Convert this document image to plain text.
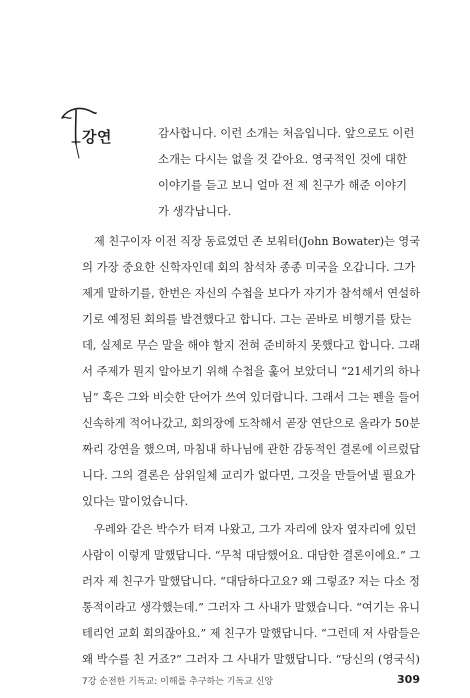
강연	감사합니다. 이런 소개는 처음입니다. 앞으로도 이런
소개는 다시는 없을 것 같아요. 영국적인 것에 대한
이야기를 듣고 보니 얼마 전 제 친구가 해준 이야기
가 생각납니다.
제 친구이자 이전 직장 동료였던 존 보워터(John Bowater)는 영국
의 가장 중요한 신학자인데 회의 참석차 종종 미국을 오갑니다. 그가
제게 말하기를, 한번은 자신의 수첩을 보다가 자기가 참석해서 연설하
기로 예정된 회의를 발견했다고 합니다. 그는 곧바로 비행기를 탔는
데, 실제로 무슨 말을 해야 할지 전혀 준비하지 못했다고 합니다. 그래
서 주제가 뭔지 알아보기 위해 수첩을 훑어 보았더니 “21세기의 하나
님” 혹은 그와 비슷한 단어가 쓰여 있더랍니다. 그래서 그는 펜을 들어
신속하게 적어나갔고, 회의장에 도착해서 곧장 연단으로 올라가 50분
짜리 강연을 했으며, 마침내 하나님에 관한 감동적인 결론에 이르렀답
니다. 그의 결론은 삼위일체 교리가 없다면, 그것을 만들어낼 필요가
있다는 말이었습니다.
우레와 같은 박수가 터져 나왔고, 그가 자리에 앉자 옆자리에 있던
사람이 이렇게 말했답니다. “무척 대담했어요. 대담한 결론이에요.” 그
러자 제 친구가 말했답니다. “대담하다고요? 왜 그렇죠? 저는 다소 정
통적이라고 생각했는데.” 그러자 그 사내가 말했습니다. “여기는 유니
테리언 교회 회의잖아요.” 제 친구가 말했답니다. “그런데 저 사람들은
왜 박수를 친 거죠?” 그러자 그 사내가 말했답니다. “당신의 (영국식)
7강 순전한 기독교: 이해를 추구하는 기독교 신앙	309
